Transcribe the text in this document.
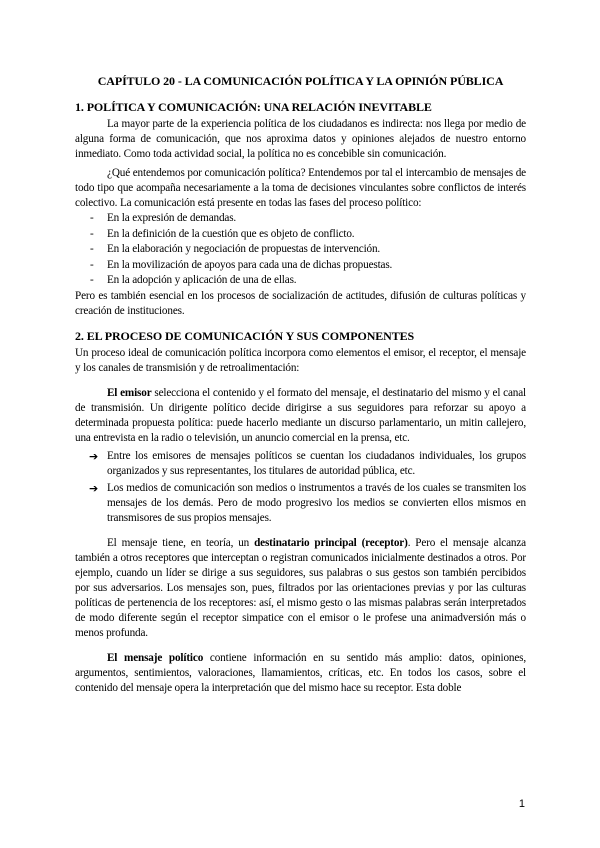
CAPÍTULO 20 - LA COMUNICACIÓN POLÍTICA Y LA OPINIÓN PÚBLICA
1. POLÍTICA Y COMUNICACIÓN: UNA RELACIÓN INEVITABLE

La mayor parte de la experiencia política de los ciudadanos es indirecta: nos llega por medio de alguna forma de comunicación, que nos aproxima datos y opiniones alejados de nuestro entorno inmediato. Como toda actividad social, la política no es concebible sin comunicación.

¿Qué entendemos por comunicación política? Entendemos por tal el intercambio de mensajes de todo tipo que acompaña necesariamente a la toma de decisiones vinculantes sobre conflictos de interés colectivo. La comunicación está presente en todas las fases del proceso político:

- En la expresión de demandas.
- En la definición de la cuestión que es objeto de conflicto.
- En la elaboración y negociación de propuestas de intervención.
- En la movilización de apoyos para cada una de dichas propuestas.
- En la adopción y aplicación de una de ellas.

Pero es también esencial en los procesos de socialización de actitudes, difusión de culturas políticas y creación de instituciones.

2. EL PROCESO DE COMUNICACIÓN Y SUS COMPONENTES

Un proceso ideal de comunicación política incorpora como elementos el emisor, el receptor, el mensaje y los canales de transmisión y de retroalimentación:

El emisor selecciona el contenido y el formato del mensaje, el destinatario del mismo y el canal de transmisión. Un dirigente político decide dirigirse a sus seguidores para reforzar su apoyo a determinada propuesta política: puede hacerlo mediante un discurso parlamentario, un mitin callejero, una entrevista en la radio o televisión, un anuncio comercial en la prensa, etc.

➔ Entre los emisores de mensajes políticos se cuentan los ciudadanos individuales, los grupos organizados y sus representantes, los titulares de autoridad pública, etc.
➔ Los medios de comunicación son medios o instrumentos a través de los cuales se transmiten los mensajes de los demás. Pero de modo progresivo los medios se convierten ellos mismos en transmisores de sus propios mensajes.

El mensaje tiene, en teoría, un destinatario principal (receptor). Pero el mensaje alcanza también a otros receptores que interceptan o registran comunicados inicialmente destinados a otros. Por ejemplo, cuando un líder se dirige a sus seguidores, sus palabras o sus gestos son también percibidos por sus adversarios. Los mensajes son, pues, filtrados por las orientaciones previas y por las culturas políticas de pertenencia de los receptores: así, el mismo gesto o las mismas palabras serán interpretados de modo diferente según el receptor simpatice con el emisor o le profese una animadversión más o menos profunda.

El mensaje político contiene información en su sentido más amplio: datos, opiniones, argumentos, sentimientos, valoraciones, llamamientos, críticas, etc. En todos los casos, sobre el contenido del mensaje opera la interpretación que del mismo hace su receptor. Esta doble

1
